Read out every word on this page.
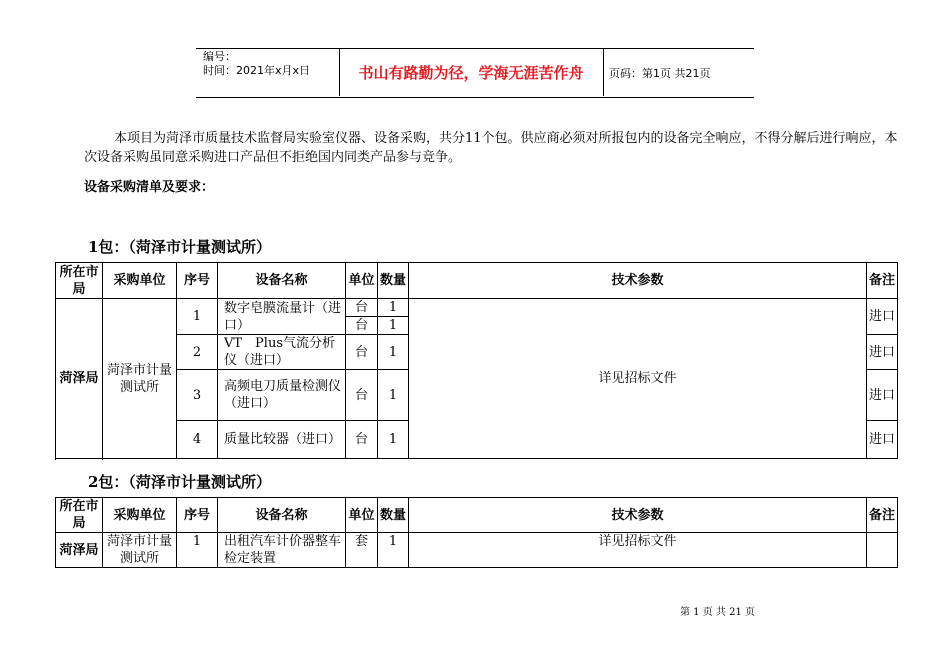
编号：
时间：2021年x月x日	书山有路勤为径，学海无涯苦作舟	页码：第1页 共21页
本项目为菏泽市质量技术监督局实验室仪器、设备采购，共分11个包。供应商必须对所报包内的设备完全响应，不得分解后进行响应，本次设备采购虽同意采购进口产品但不拒绝国内同类产品参与竞争。
设备采购清单及要求：
1包：（菏泽市计量测试所）
所在市局	采购单位	序号	设备名称	单位	数量	技术参数	备注
菏泽局	菏泽市计量测试所	1	数字皂膜流量计（进口）	台	1	详见招标文件	进口
				台	1		
		2	VT　Plus气流分析仪（进口）	台	1		进口
		3	高频电刀质量检测仪（进口）	台	1		进口
		4	质量比较器（进口）	台	1		进口

2包：（菏泽市计量测试所）
所在市局	采购单位	序号	设备名称	单位	数量	技术参数	备注
菏泽局	菏泽市计量测试所	1	出租汽车计价器整车检定装置	套	1	详见招标文件	
第 1 页 共 21 页
